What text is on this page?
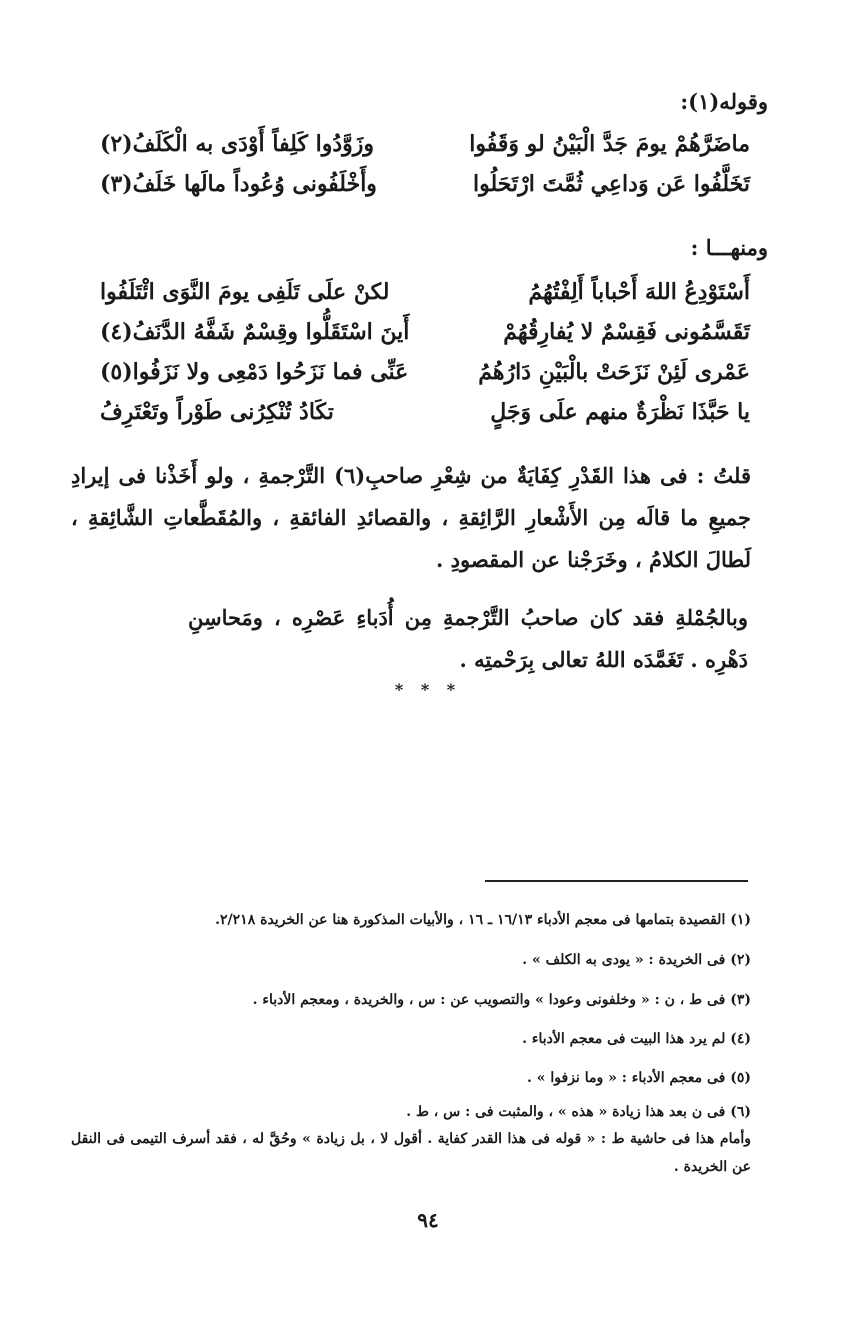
وقوله(١):
ماضَرَّهُمْ يومَ جَدَّ الْبَيْنُ لو وَقَفُوا
وزَوَّدُوا كَلِفاً أَوْدَى به الْكَلَفُ(٢)
تَخَلَّفُوا عَن وَداعِي ثُمَّتَ ارْتَحَلُوا
وأَخْلَفُونى وُعُوداً مالَها خَلَفُ(٣)
ومنهـــا :
أَسْتَوْدِعُ اللهَ أَحْباباً أَلِفْتُهُمُ
لكنْ علَى تَلَفِى يومَ النَّوَى ائْتَلَفُوا
تَقَسَّمُونى فَقِسْمٌ لا يُفارِقُهُمْ
أَينَ اسْتَقَلُّوا وقِسْمٌ شَفَّهُ الدَّنَفُ(٤)
عَمْرى لَئِنْ نَزَحَتْ بالْبَيْنِ دَارُهُمُ
عَنِّى فما نَزَحُوا دَمْعِى ولا نَزَفُوا(٥)
يا حَبَّذَا نَظْرَةٌ منهم علَى وَجَلٍ
تكَادُ تُنْكِرُنى طَوْراً وتَعْتَرِفُ

قلتُ : فى هذا القَدْرِ كِفَايَةٌ من شِعْرِ صاحبِ(٦) التَّرْجمةِ ، ولو أَخَذْنا فى إيرادِ جميعِ ما قالَه مِن الأَشْعارِ الرَّائِقةِ ، والقصائدِ الفائقةِ ، والمُقَطَّعاتِ الشَّائِقةِ ، لَطالَ الكلامُ ، وخَرَجْنا عن المقصودِ .

وبالجُمْلةِ فقد كان صاحبُ التَّرْجمةِ مِن أُدَباءِ عَصْرِه ، ومَحاسِنِ دَهْرِه . تَغَمَّدَه اللهُ تعالى بِرَحْمتِه .

* * *
(١) القصيدة بتمامها فى معجم الأدباء ١٦/١٣ ـ ١٦ ، والأبيات المذكورة هنا عن الخريدة ٢/٢١٨.
(٢) فى الخريدة : « يودى به الكلف » .
(٣) فى ط ، ن : « وخلفونى وعودا » والتصويب عن : س ، والخريدة ، ومعجم الأدباء .
(٤) لم يرد هذا البيت فى معجم الأدباء .
(٥) فى معجم الأدباء : « وما نزفوا » .
(٦) فى ن بعد هذا زيادة « هذه » ، والمثبت فى : س ، ط .

وأمام هذا فى حاشية ط : « قوله فى هذا القدر كفاية . أقول لا ، بل زيادة » وحُقَّ له ، فقد أسرف التيمى فى النقل عن الخريدة .

٩٤
